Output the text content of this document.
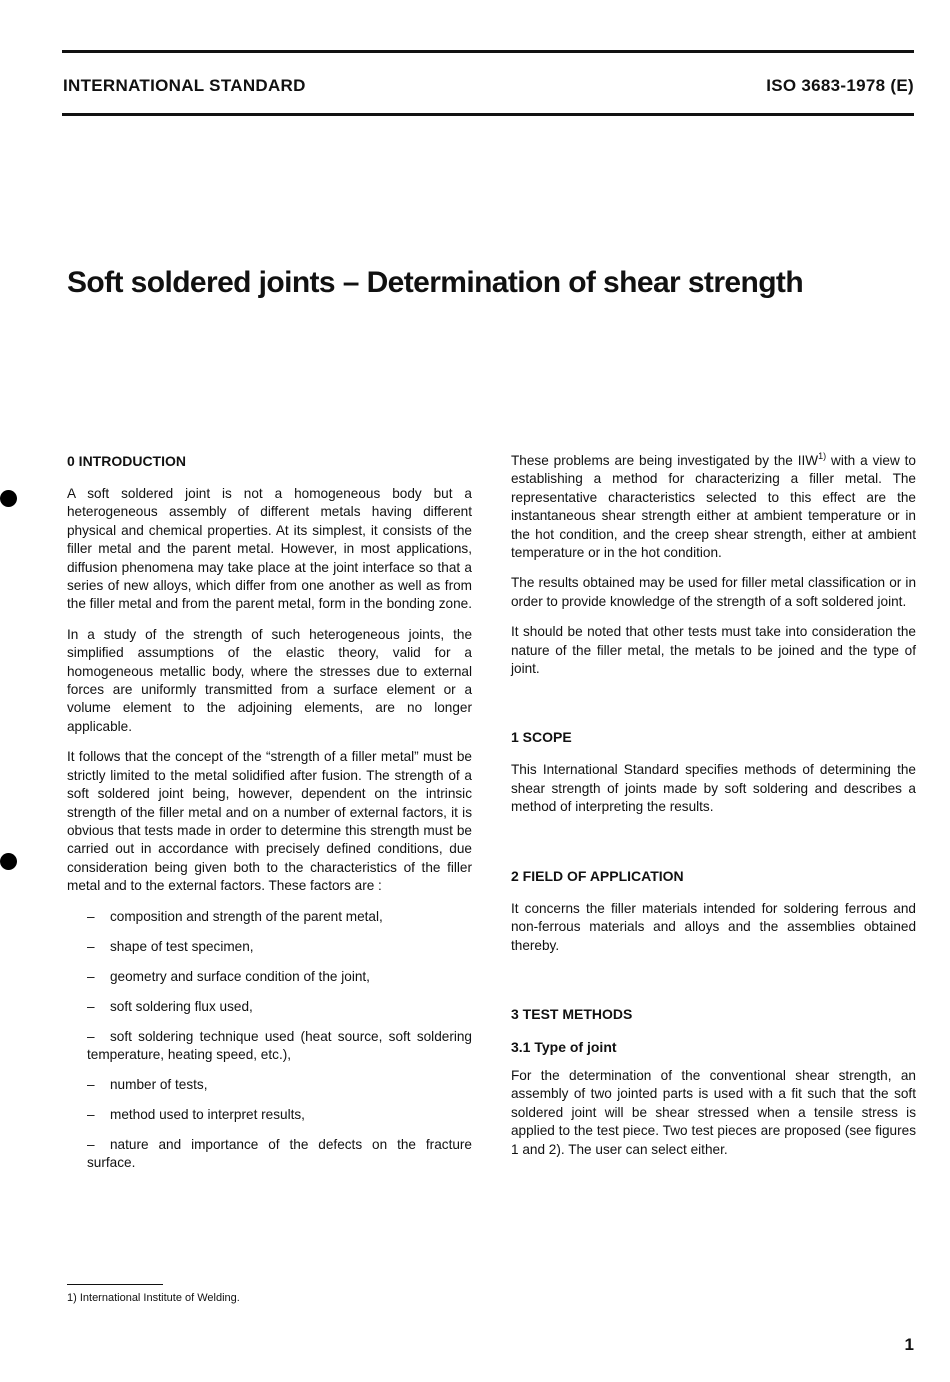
INTERNATIONAL STANDARD	ISO 3683-1978 (E)
Soft soldered joints – Determination of shear strength
0 INTRODUCTION

A soft soldered joint is not a homogeneous body but a heterogeneous assembly of different metals having different physical and chemical properties. At its simplest, it consists of the filler metal and the parent metal. However, in most applications, diffusion phenomena may take place at the joint interface so that a series of new alloys, which differ from one another as well as from the filler metal and from the parent metal, form in the bonding zone.

In a study of the strength of such heterogeneous joints, the simplified assumptions of the elastic theory, valid for a homogeneous metallic body, where the stresses due to external forces are uniformly transmitted from a surface element or a volume element to the adjoining elements, are no longer applicable.

It follows that the concept of the “strength of a filler metal” must be strictly limited to the metal solidified after fusion. The strength of a soft soldered joint being, however, dependent on the intrinsic strength of the filler metal and on a number of external factors, it is obvious that tests made in order to determine this strength must be carried out in accordance with precisely defined conditions, due consideration being given both to the characteristics of the filler metal and to the external factors. These factors are :

– composition and strength of the parent metal,
– shape of test specimen,
– geometry and surface condition of the joint,
– soft soldering flux used,
– soft soldering technique used (heat source, soft soldering temperature, heating speed, etc.),
– number of tests,
– method used to interpret results,
– nature and importance of the defects on the fracture surface.

These problems are being investigated by the IIW$^{1)}$ with a view to establishing a method for characterizing a filler metal. The representative characteristics selected to this effect are the instantaneous shear strength either at ambient temperature or in the hot condition, and the creep shear strength, either at ambient temperature or in the hot condition.

The results obtained may be used for filler metal classification or in order to provide knowledge of the strength of a soft soldered joint.

It should be noted that other tests must take into consideration the nature of the filler metal, the metals to be joined and the type of joint.

1 SCOPE

This International Standard specifies methods of determining the shear strength of joints made by soft soldering and describes a method of interpreting the results.

2 FIELD OF APPLICATION

It concerns the filler materials intended for soldering ferrous and non-ferrous materials and alloys and the assemblies obtained thereby.

3 TEST METHODS
3.1 Type of joint

For the determination of the conventional shear strength, an assembly of two jointed parts is used with a fit such that the soft soldered joint will be shear stressed when a tensile stress is applied to the test piece. Two test pieces are proposed (see figures 1 and 2). The user can select either.

1) International Institute of Welding.
1
